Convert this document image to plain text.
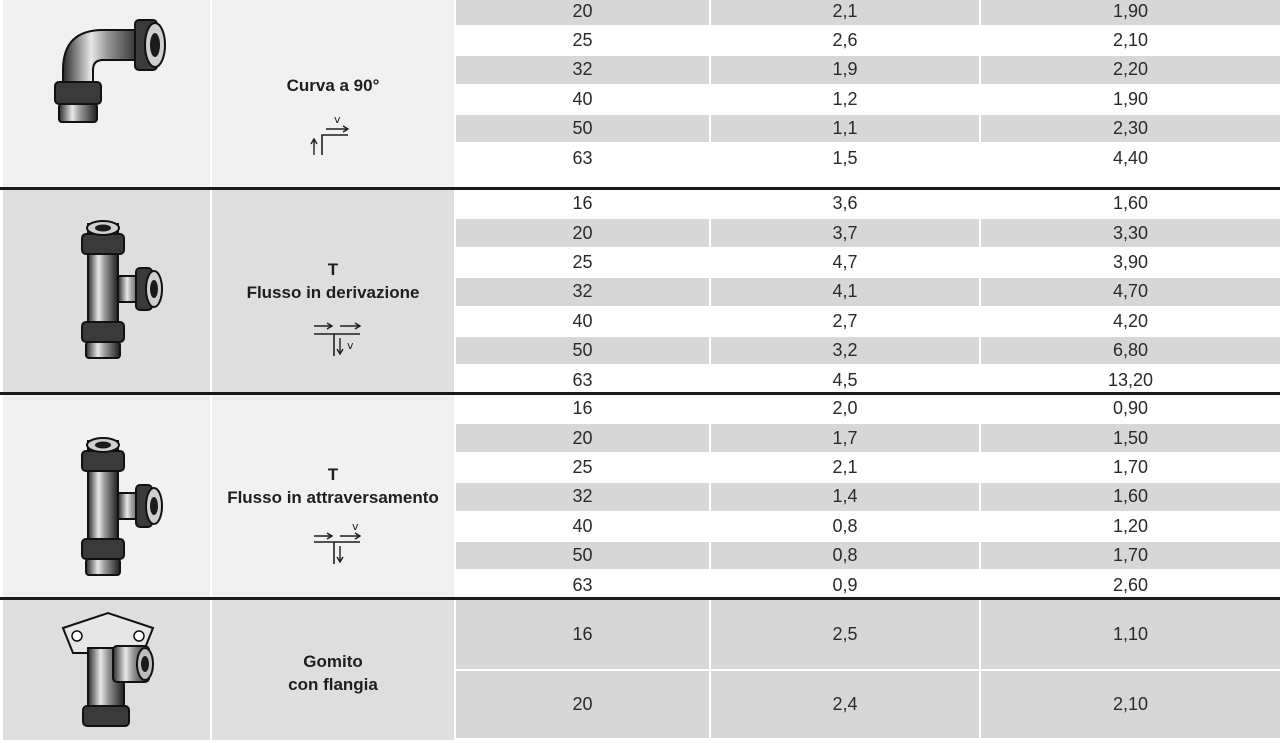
Curva a 90°
v
20	2,1	1,90
25	2,6	2,10
32	1,9	2,20
40	1,2	1,90
50	1,1	2,30
63	1,5	4,40
T
Flusso in derivazione
v
16	3,6	1,60
20	3,7	3,30
25	4,7	3,90
32	4,1	4,70
40	2,7	4,20
50	3,2	6,80
63	4,5	13,20
T
Flusso in attraversamento
v
16	2,0	0,90
20	1,7	1,50
25	2,1	1,70
32	1,4	1,60
40	0,8	1,20
50	0,8	1,70
63	0,9	2,60
Gomito
con flangia
16	2,5	1,10
20	2,4	2,10
